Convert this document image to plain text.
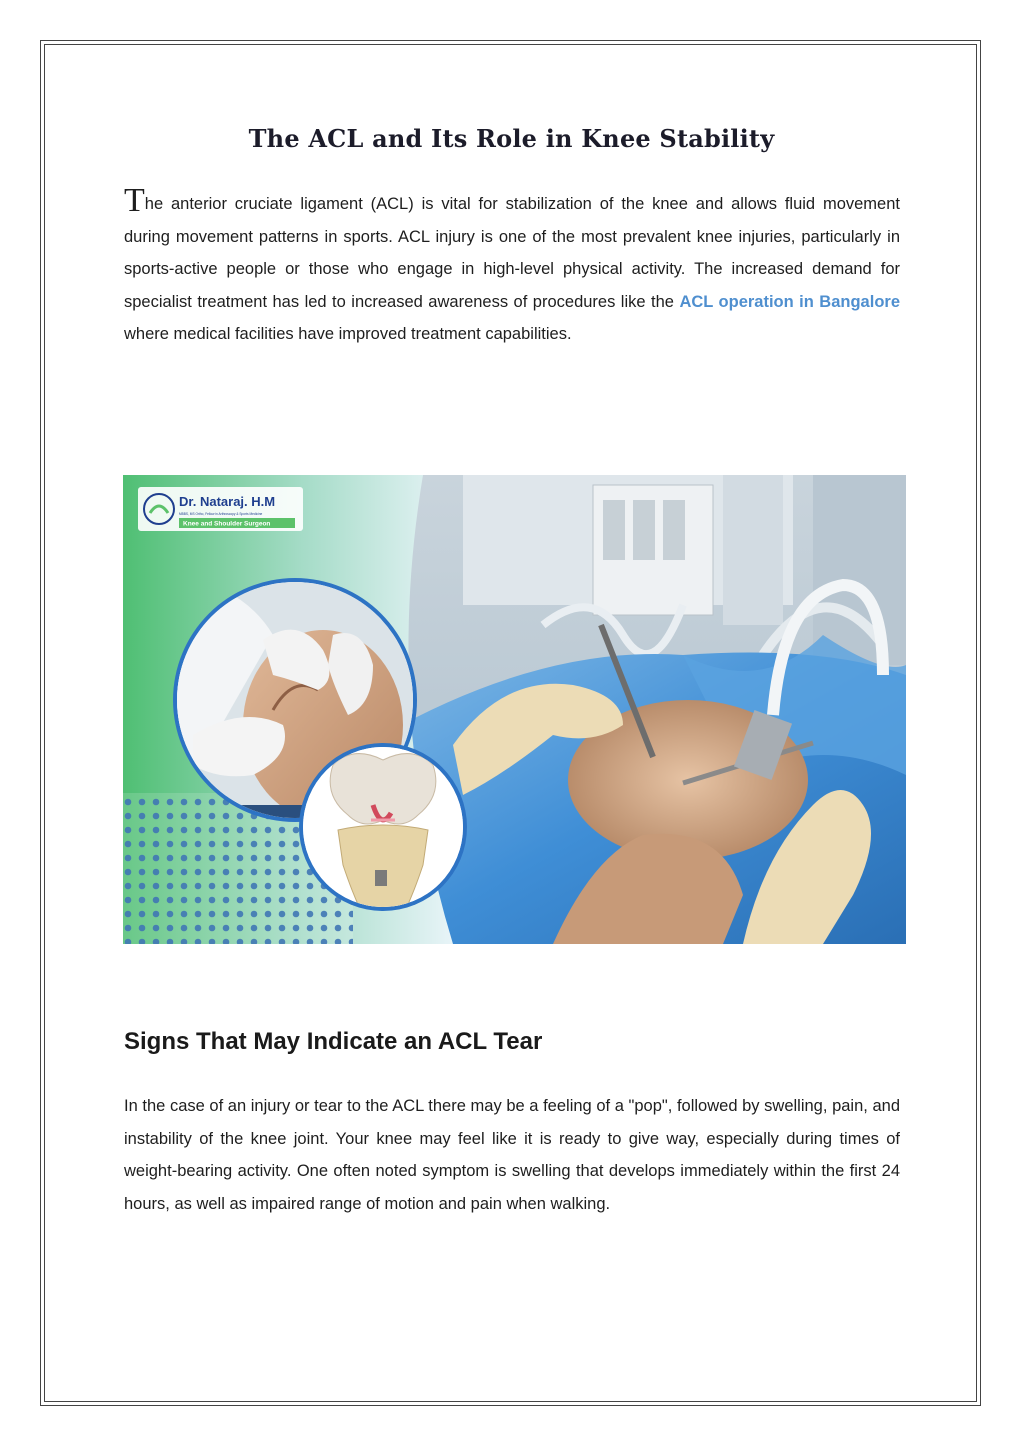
The ACL and Its Role in Knee Stability

The anterior cruciate ligament (ACL) is vital for stabilization of the knee and allows fluid movement during movement patterns in sports. ACL injury is one of the most prevalent knee injuries, particularly in sports-active people or those who engage in high-level physical activity. The increased demand for specialist treatment has led to increased awareness of procedures like the ACL operation in Bangalore where medical facilities have improved treatment capabilities.

Dr. Nataraj. H.M
MBBS, MS Ortho, Fellow in Arthroscopy & Sports Medicine
Knee and Shoulder Surgeon
Signs That May Indicate an ACL Tear

In the case of an injury or tear to the ACL there may be a feeling of a "pop", followed by swelling, pain, and instability of the knee joint. Your knee may feel like it is ready to give way, especially during times of weight-bearing activity. One often noted symptom is swelling that develops immediately within the first 24 hours, as well as impaired range of motion and pain when walking.
